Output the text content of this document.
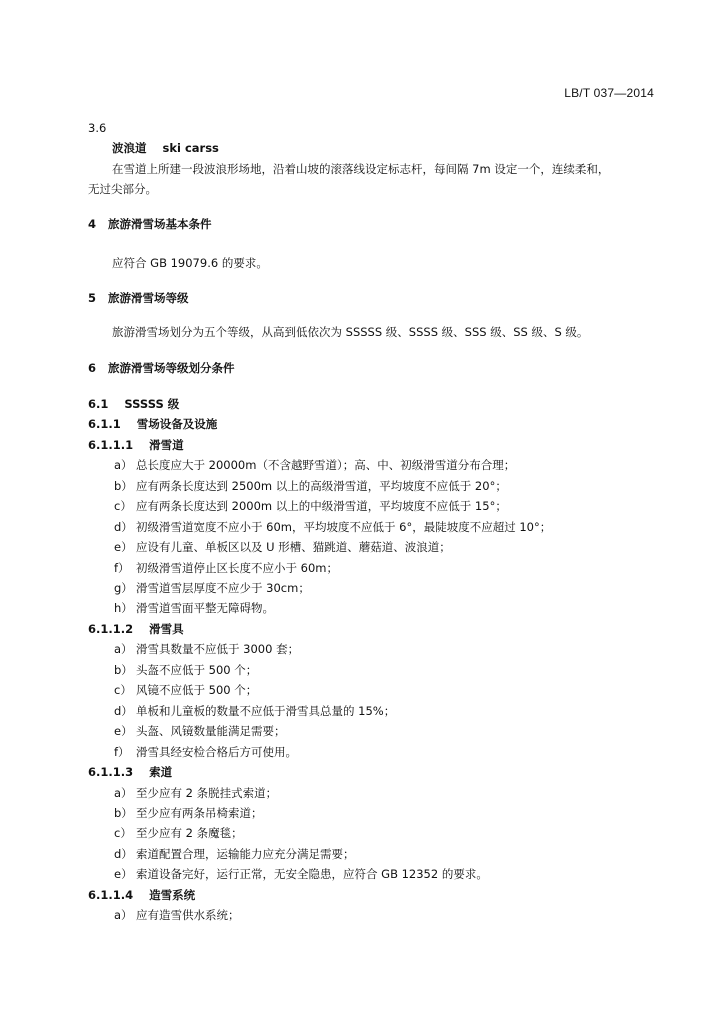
LB/T 037—2014
3.6
波浪道 ski carss
在雪道上所建一段波浪形场地，沿着山坡的滚落线设定标志杆，每间隔 7m 设定一个，连续柔和，
无过尖部分。
4 旅游滑雪场基本条件
应符合 GB 19079.6 的要求。
5 旅游滑雪场等级
旅游滑雪场划分为五个等级，从高到低依次为 SSSSS 级、SSSS 级、SSS 级、SS 级、S 级。
6 旅游滑雪场等级划分条件
6.1 SSSSS 级
6.1.1 雪场设备及设施
6.1.1.1 滑雪道
a） 总长度应大于 20000m（不含越野雪道）；高、中、初级滑雪道分布合理；
b） 应有两条长度达到 2500m 以上的高级滑雪道，平均坡度不应低于 20°；
c） 应有两条长度达到 2000m 以上的中级滑雪道，平均坡度不应低于 15°；
d） 初级滑雪道宽度不应小于 60m，平均坡度不应低于 6°，最陡坡度不应超过 10°；
e） 应设有儿童、单板区以及 U 形槽、猫跳道、蘑菇道、波浪道；
f） 初级滑雪道停止区长度不应小于 60m；
g） 滑雪道雪层厚度不应少于 30cm；
h） 滑雪道雪面平整无障碍物。
6.1.1.2 滑雪具
a） 滑雪具数量不应低于 3000 套；
b） 头盔不应低于 500 个；
c） 风镜不应低于 500 个；
d） 单板和儿童板的数量不应低于滑雪具总量的 15%；
e） 头盔、风镜数量能满足需要；
f） 滑雪具经安检合格后方可使用。
6.1.1.3 索道
a） 至少应有 2 条脱挂式索道；
b） 至少应有两条吊椅索道；
c） 至少应有 2 条魔毯；
d） 索道配置合理，运输能力应充分满足需要；
e） 索道设备完好，运行正常，无安全隐患，应符合 GB 12352 的要求。
6.1.1.4 造雪系统
a） 应有造雪供水系统；
